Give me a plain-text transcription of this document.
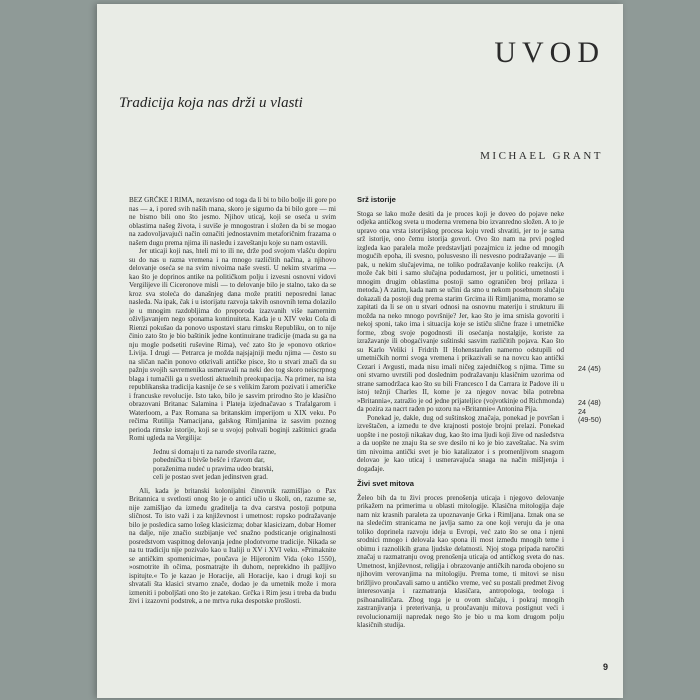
UVOD
Tradicija koja nas drži u vlasti
MICHAEL GRANT

BEZ GRČKE I RIMA, nezavisno od toga da li bi to bilo bolje ili gore po nas — a, i pored svih naših mana, skoro je sigurno da bi bilo gore — mi ne bismo bili ono što jesmo. Njihov uticaj, koji se oseća u svim oblastima našeg života, i suviše je mnogostran i složen da bi se mogao na zadovoljavajući način označiti jednostavnim metaforičnim frazama o našem dugu prema njima ili naslеđu i zaveštanju koje su nam ostavili.

Jer uticaji koji nas, hteli mi to ili ne, drže pod svojom vlašću dopiru su do nas u razna vremena i na mnogo različitih načina, a njihovo delovanje oseća se na svim nivoima naše svesti. U nekim stvarima — kao što je doprinos antike na političkom polju i izvesni osnovni vidovi Vergilijeve ili Ciceronove misli — to delovanje bilo je stalno, tako da se kroz sva stoleća do današnjeg dana može pratiti neposredni lanac nasleđa. Na ipak, čak i u istorijatu razvoja takvih osnovnih tema dolazilo je u mnogim razdobljima do preporoda izazvanih više namernim oživljavanjem nego sponama kontinuiteta. Kada je u XIV veku Cola di Rienzi pokušao da ponovo uspostavi staru rimsku Republiku, on to nije činio zato što je bio baštinik jedne kontinuirane tradicije (mada su ga na nju mogle podsetiti ruševine Rima), već zato što je »ponovo otkrio« Livija. I drugi — Petrarca je možda najsjajniji među njima — često su na sličan način ponovo otkrivali antičke pisce, što u stvari znači da su pažnju svojih savremenika usmeravali na neki deo tog skoro neiscrpnog blaga i tumačili ga u svetlosti aktuelnih preokupacija. Na primer, na ista republikanska tradicija kasnije će se s velikim žarom pozivati i američke i francuske revolucije. Isto tako, bilo je sasvim prirodno što je klasično obrazovani Britanac Salamina i Plateja izjednačavao s Trafalgarom i Waterloom, a Pax Romana sa britanskim imperijom u XIX veku. Po rečima Rutilija Namacijana, galskog Rimljanina iz sasvim poznog perioda rimske istorije, koji se u svojoj pohvali boginji zaštitnici grada Romi ugleda na Vergilija:

Jednu si domaju ti za narode stvorila razne,

pobednička ti bivše bešće i ržavom dar,

poraženima nudeć u pravima udeo bratski,

celi je postao svet jedan jedinstven grad.

Ali, kada je britanski kolonijalni činovnik razmišljao o Pax Britannica u svetlosti onog što je o antici učio u školi, on, razume se, nije zamišljao da između graditelja ta dva carstva postoji potpuna sličnost. To isto važi i za književnost i umetnost: ropsko podražavanje bilo je posledica samo lošeg klasicizma; dobar klasicizam, dobar Homer na dalje, nije značio suzbijanje već snažno podsticanje originalnosti posredstvom vaspitnog delovanja jedne plodotvorne tradicije. Nikada se na tu tradiciju nije pozivalo kao u Italiji u XV i XVI veku. »Primaknite se antičkim spomenicima«, poučava je Hijeronim Vida (oko 1550), »osmotrite ih očima, posmatrajte ih duhom, neprekidno ih pažljivo ispitujte.« To je kazao je Horacije, ali Horacije, kao i drugi koji su shvatali šta klasici stvarno znače, dodao je da umetnik može i mora izmeniti i poboljšati ono što je zatekao. Grčka i Rim jesu i trebа da budu živi i izazovni podstrek, a ne mrtva ruka despotske prošlosti.

Srž istorije

Stoga se lako može desiti da je proces koji je doveo do pojave neke odjeka antičkog sveta u moderna vremena bio izvanredno složen. A to je upravo ona vrsta istorijskog procesa koju vredi shvatiti, jer to je sama srž istorije, ono čemu istorija govori. Ovo što nam na prvi pogled izgleda kao paralela može predstavljati pozajmicu iz jedne od mnogih mogućih epoha, ili svesno, polusvesno ili nesvesno podražavanje — ili pak, u nekim slučajevima, ne toliko podražavanje koliko reakciju. (A može čak biti i samo slučajna podudarnost, jer u politici, umetnosti i mnogim drugim oblastima postoji samo ograničen broj prilaza i metoda.) A zatim, kada nam se učini da smo u nekom posebnom slučaju dokazali da postoji dug prema starim Grcima ili Rimljanima, moramo se zapitati da li se on u stvari odnosi na osnovnu materiju i strukturu ili možda na neko mnogo površnije? Jer, kao što je ima smisla govoriti i nekoj sponi, tako ima i situacija koje se ističu slične fraze i umetničke forme, zbog svoje pogodnosti ili osećanja nostalgije, koriste za izražavanje ili obogaćivanje suštinski sasvim različitih pojava. Kao što su Karlo Veliki i Fridrih II Hohenstaufen namerno odstupili od umetničkih normi svoga vremena i prikazivali se na novcu kao antički Cezari i Avgusti, mada nisu imali ničeg zajedničkog s njima. Time su oni stvarno uvrstili pod doslednim podražavanju klasičnim uzorima od strane samodržaca kao što su bili Francesco I da Carrara iz Padove ili u istoj težnji Charles II, kome je za njegov novac bila potrebna »Britannia«, zatražio je od jedne prijateljice (vojvotkinje od Richmonda) da pozira za nacrt rađen po uzoru na »Britannie« Antonina Pija.

Ponekad je, dakle, dug od suštinskog značaja, ponekad je površan i izveštačen, a između te dve krajnosti postoje brojni prelazi. Ponekad uopšte i ne postoji nikakav dug, kao što ima ljudi koji žive od nasleđstva a da uopšte ne znaju šta se sve desilo ni ko je bio zaveštalac. Na svim tim nivoima antički svet je bio katalizator i s promenljivom snagom delovao je kao uticaj i usmeravajuća snaga na način mišljenja i događaje.

Živi svet mitova

Želeo bih da tu živi proces prenošenja uticaja i njegovo delovanje prikažem na primerima u oblasti mitologije. Klasična mitologija daje nam niz krasnih paraleta za upoznavanje Grka i Rimljana. Iznak ona se na sledećim stranicama ne javlja samo za one koji veruju da je ona toliko doprinela razvoju ideja u Evropi, već zato što se ona i njeni srodnici mnogo i delovala kao spona ili most između mnogih teme i obimu i raznolikih grana ljudske delatnosti. Njoj stoga pripada naročiti značaj u razmatranju ovog prenošenja uticaja od antičkog sveta do nas. Umetnost, književnost, religija i obrazovanje antičkih naroda obojeno su njihovim verovanjima na mitologiju. Prema tome, ti mitovi se nisu brižljivo proučavali samo u antičko vreme, već su postali predmet živog interesovanja i razmatranja klasičara, antropologa, teologa i psihoanalitičara. Zbog toga je u ovom slučaju, i pokraj mnogih zastranjivanja i preterivanja, u proučavanju mitova postignut veći i revolucionarniji napredak nego što je bio u ma kom drugom polju klasičnih studija.

24 (45)
24 (48)
24
(49-50)
9
